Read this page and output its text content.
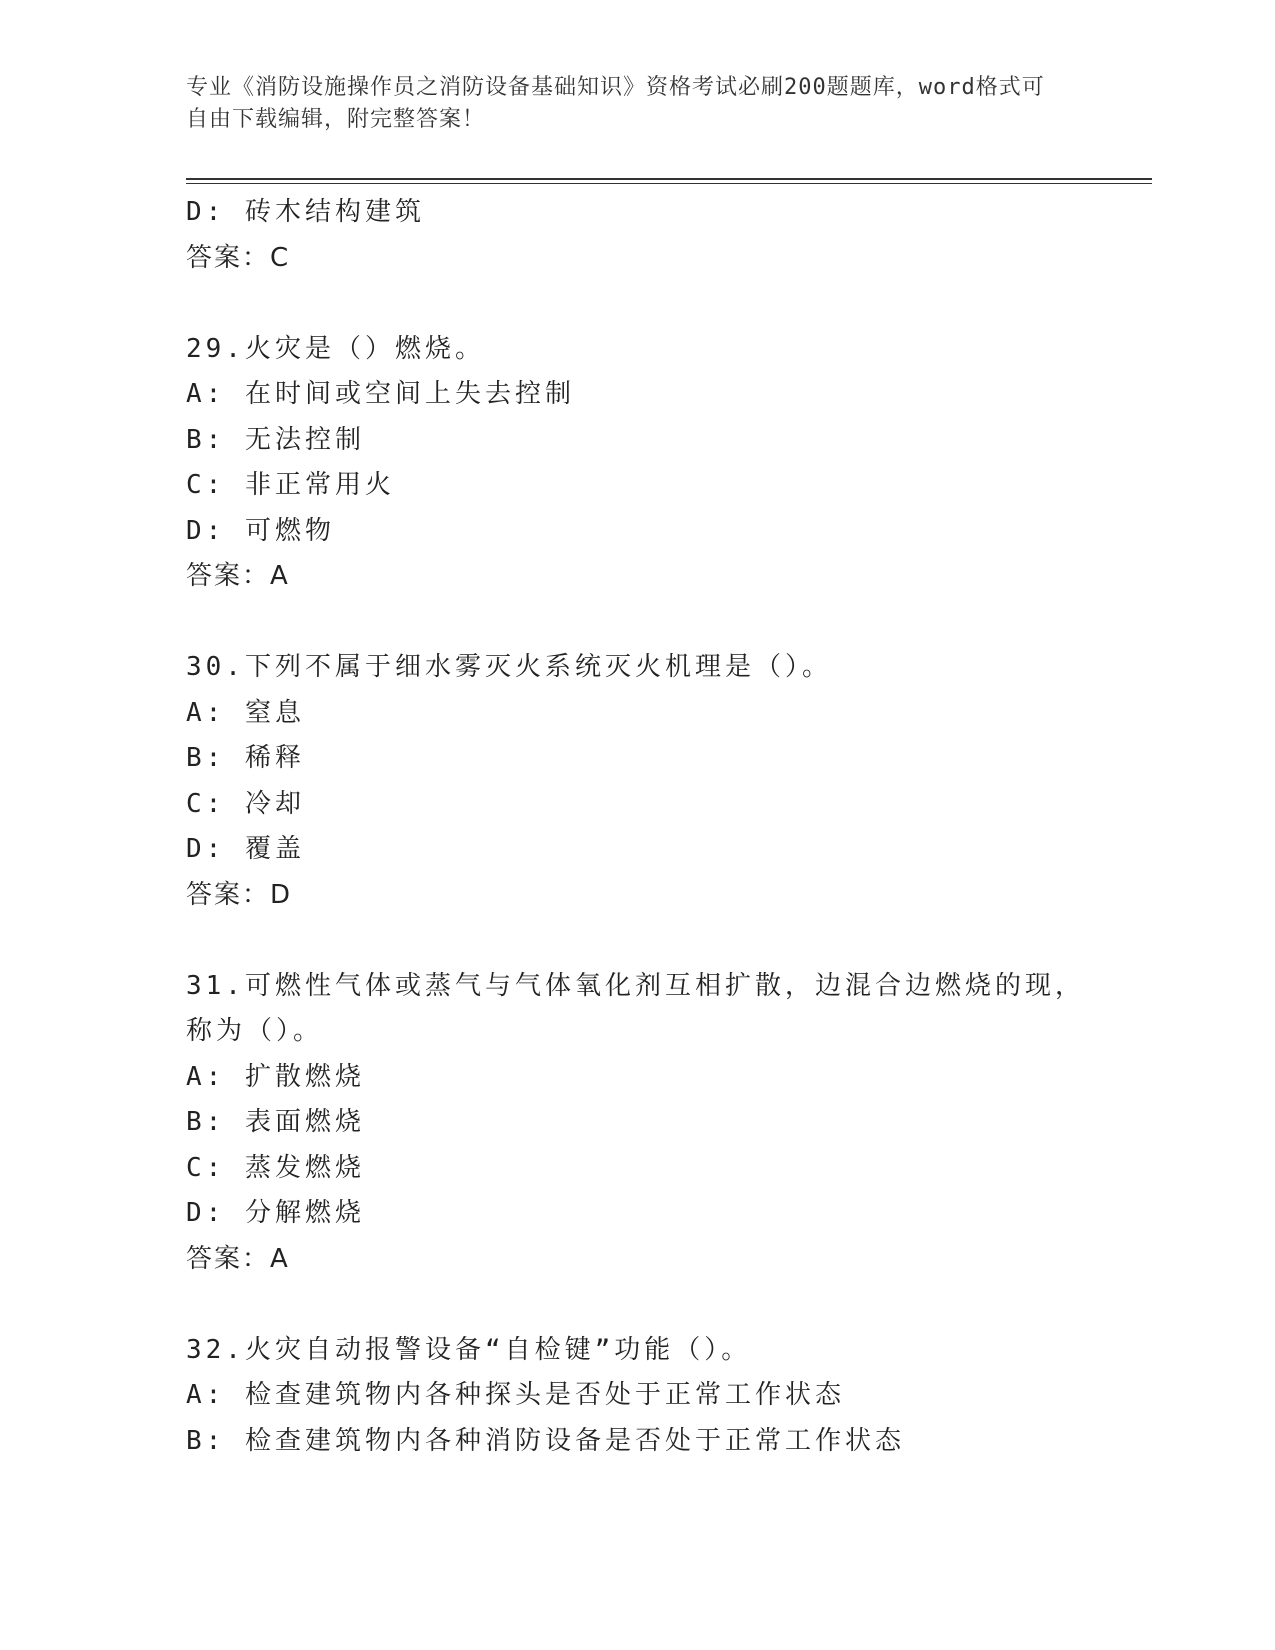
专业《消防设施操作员之消防设备基础知识》资格考试必刷200题题库，word格式可自由下载编辑，附完整答案！
D: 砖木结构建筑
答案：C
29.火灾是（）燃烧。
A: 在时间或空间上失去控制
B: 无法控制
C: 非正常用火
D: 可燃物
答案：A
30.下列不属于细水雾灭火系统灭火机理是（）。
A: 窒息
B: 稀释
C: 冷却
D: 覆盖
答案：D
31.可燃性气体或蒸气与气体氧化剂互相扩散，边混合边燃烧的现，称为（）。
A: 扩散燃烧
B: 表面燃烧
C: 蒸发燃烧
D: 分解燃烧
答案：A
32.火灾自动报警设备“自检键”功能（）。
A: 检查建筑物内各种探头是否处于正常工作状态
B: 检查建筑物内各种消防设备是否处于正常工作状态
